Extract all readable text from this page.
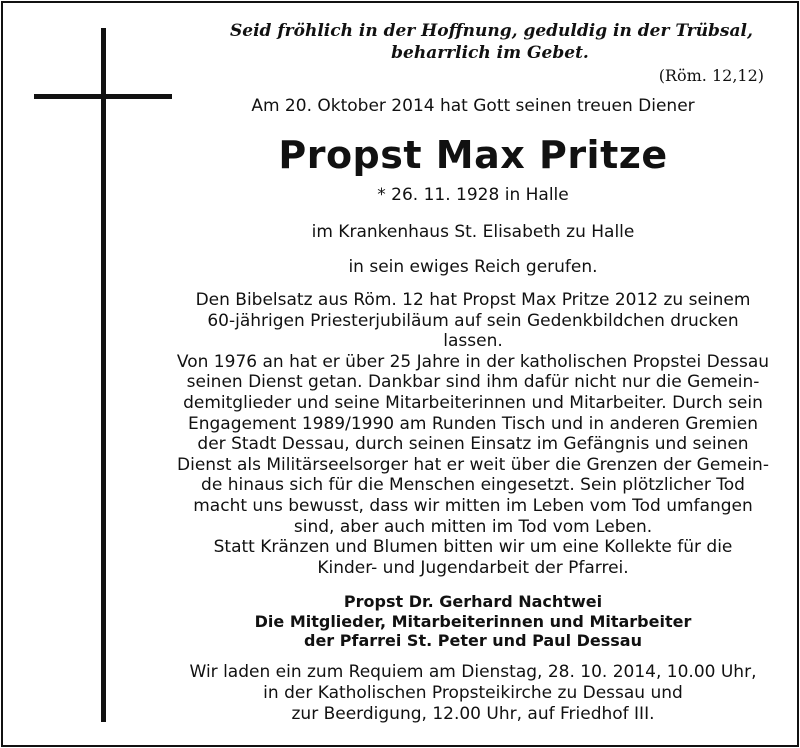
Seid fröhlich in der Hoffnung, geduldig in der Trübsal,
beharrlich im Gebet.
(Röm. 12,12)
Am 20. Oktober 2014 hat Gott seinen treuen Diener
Propst Max Pritze
* 26. 11. 1928 in Halle
im Krankenhaus St. Elisabeth zu Halle
in sein ewiges Reich gerufen.
Den Bibelsatz aus Röm. 12 hat Propst Max Pritze 2012 zu seinem
60-jährigen Priesterjubiläum auf sein Gedenkbildchen drucken
lassen.
Von 1976 an hat er über 25 Jahre in der katholischen Propstei Dessau
seinen Dienst getan. Dankbar sind ihm dafür nicht nur die Gemein-
demitglieder und seine Mitarbeiterinnen und Mitarbeiter. Durch sein
Engagement 1989/1990 am Runden Tisch und in anderen Gremien
der Stadt Dessau, durch seinen Einsatz im Gefängnis und seinen
Dienst als Militärseelsorger hat er weit über die Grenzen der Gemein-
de hinaus sich für die Menschen eingesetzt. Sein plötzlicher Tod
macht uns bewusst, dass wir mitten im Leben vom Tod umfangen
sind, aber auch mitten im Tod vom Leben.
Statt Kränzen und Blumen bitten wir um eine Kollekte für die
Kinder- und Jugendarbeit der Pfarrei.
Propst Dr. Gerhard Nachtwei
Die Mitglieder, Mitarbeiterinnen und Mitarbeiter
der Pfarrei St. Peter und Paul Dessau
Wir laden ein zum Requiem am Dienstag, 28. 10. 2014, 10.00 Uhr,
in der Katholischen Propsteikirche zu Dessau und
zur Beerdigung, 12.00 Uhr, auf Friedhof III.
